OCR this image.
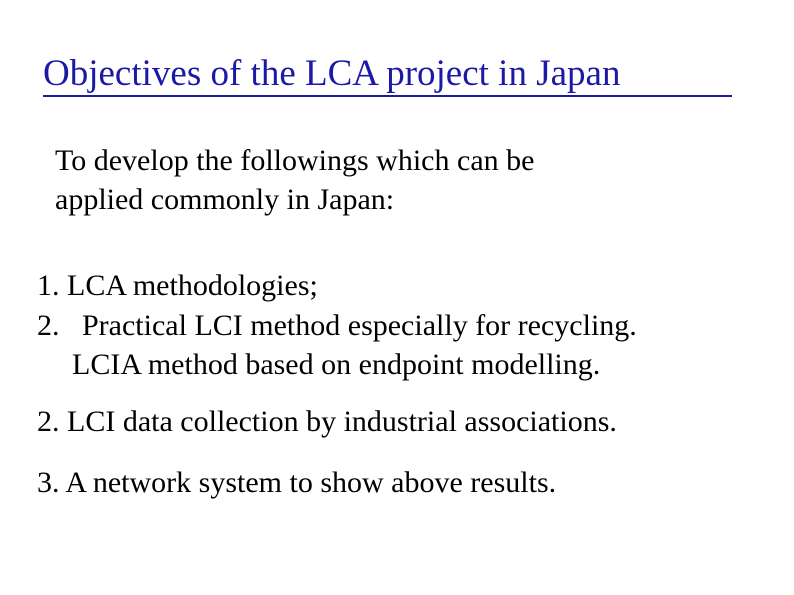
Objectives of the LCA project in Japan
To develop the followings which can be
applied commonly in Japan:
1. LCA methodologies;
2.   Practical LCI method especially for recycling.
LCIA method based on endpoint modelling.
2. LCI data collection by industrial associations.
3. A network system to show above results.
